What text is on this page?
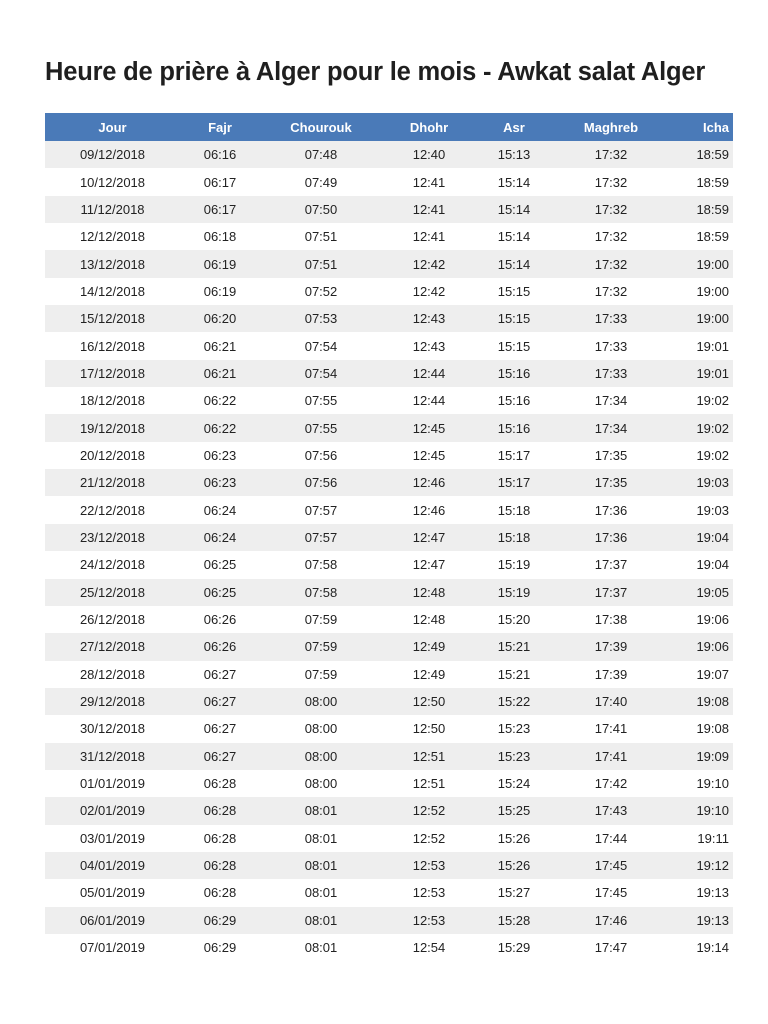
Heure de prière à Alger pour le mois - Awkat salat Alger
Jour	Fajr	Chourouk	Dhohr	Asr	Maghreb	Icha
09/12/2018	06:16	07:48	12:40	15:13	17:32	18:59
10/12/2018	06:17	07:49	12:41	15:14	17:32	18:59
11/12/2018	06:17	07:50	12:41	15:14	17:32	18:59
12/12/2018	06:18	07:51	12:41	15:14	17:32	18:59
13/12/2018	06:19	07:51	12:42	15:14	17:32	19:00
14/12/2018	06:19	07:52	12:42	15:15	17:32	19:00
15/12/2018	06:20	07:53	12:43	15:15	17:33	19:00
16/12/2018	06:21	07:54	12:43	15:15	17:33	19:01
17/12/2018	06:21	07:54	12:44	15:16	17:33	19:01
18/12/2018	06:22	07:55	12:44	15:16	17:34	19:02
19/12/2018	06:22	07:55	12:45	15:16	17:34	19:02
20/12/2018	06:23	07:56	12:45	15:17	17:35	19:02
21/12/2018	06:23	07:56	12:46	15:17	17:35	19:03
22/12/2018	06:24	07:57	12:46	15:18	17:36	19:03
23/12/2018	06:24	07:57	12:47	15:18	17:36	19:04
24/12/2018	06:25	07:58	12:47	15:19	17:37	19:04
25/12/2018	06:25	07:58	12:48	15:19	17:37	19:05
26/12/2018	06:26	07:59	12:48	15:20	17:38	19:06
27/12/2018	06:26	07:59	12:49	15:21	17:39	19:06
28/12/2018	06:27	07:59	12:49	15:21	17:39	19:07
29/12/2018	06:27	08:00	12:50	15:22	17:40	19:08
30/12/2018	06:27	08:00	12:50	15:23	17:41	19:08
31/12/2018	06:27	08:00	12:51	15:23	17:41	19:09
01/01/2019	06:28	08:00	12:51	15:24	17:42	19:10
02/01/2019	06:28	08:01	12:52	15:25	17:43	19:10
03/01/2019	06:28	08:01	12:52	15:26	17:44	19:11
04/01/2019	06:28	08:01	12:53	15:26	17:45	19:12
05/01/2019	06:28	08:01	12:53	15:27	17:45	19:13
06/01/2019	06:29	08:01	12:53	15:28	17:46	19:13
07/01/2019	06:29	08:01	12:54	15:29	17:47	19:14
